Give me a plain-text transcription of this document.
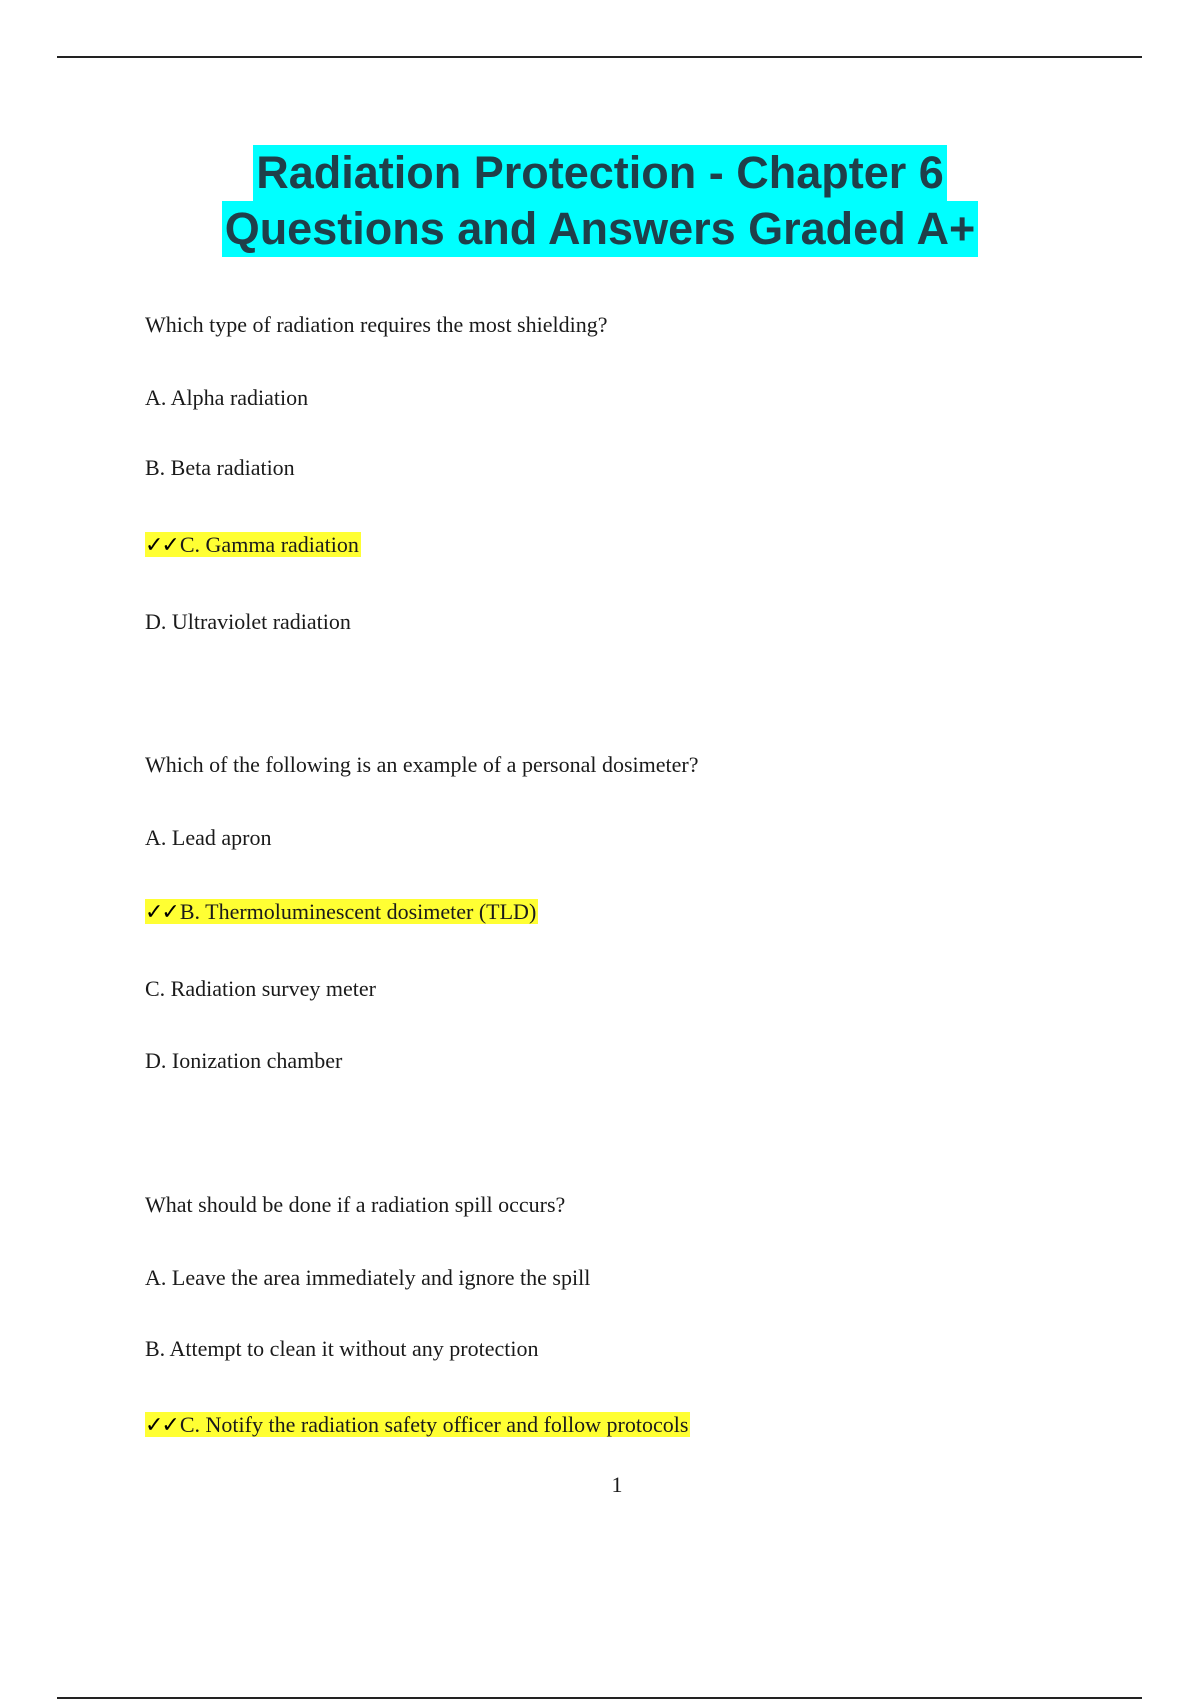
Radiation Protection - Chapter 6
Questions and Answers Graded A+
Which type of radiation requires the most shielding?
A. Alpha radiation
B. Beta radiation
✓✓C. Gamma radiation
D. Ultraviolet radiation
Which of the following is an example of a personal dosimeter?
A. Lead apron
✓✓B. Thermoluminescent dosimeter (TLD)
C. Radiation survey meter
D. Ionization chamber
What should be done if a radiation spill occurs?
A. Leave the area immediately and ignore the spill
B. Attempt to clean it without any protection
✓✓C. Notify the radiation safety officer and follow protocols
1
